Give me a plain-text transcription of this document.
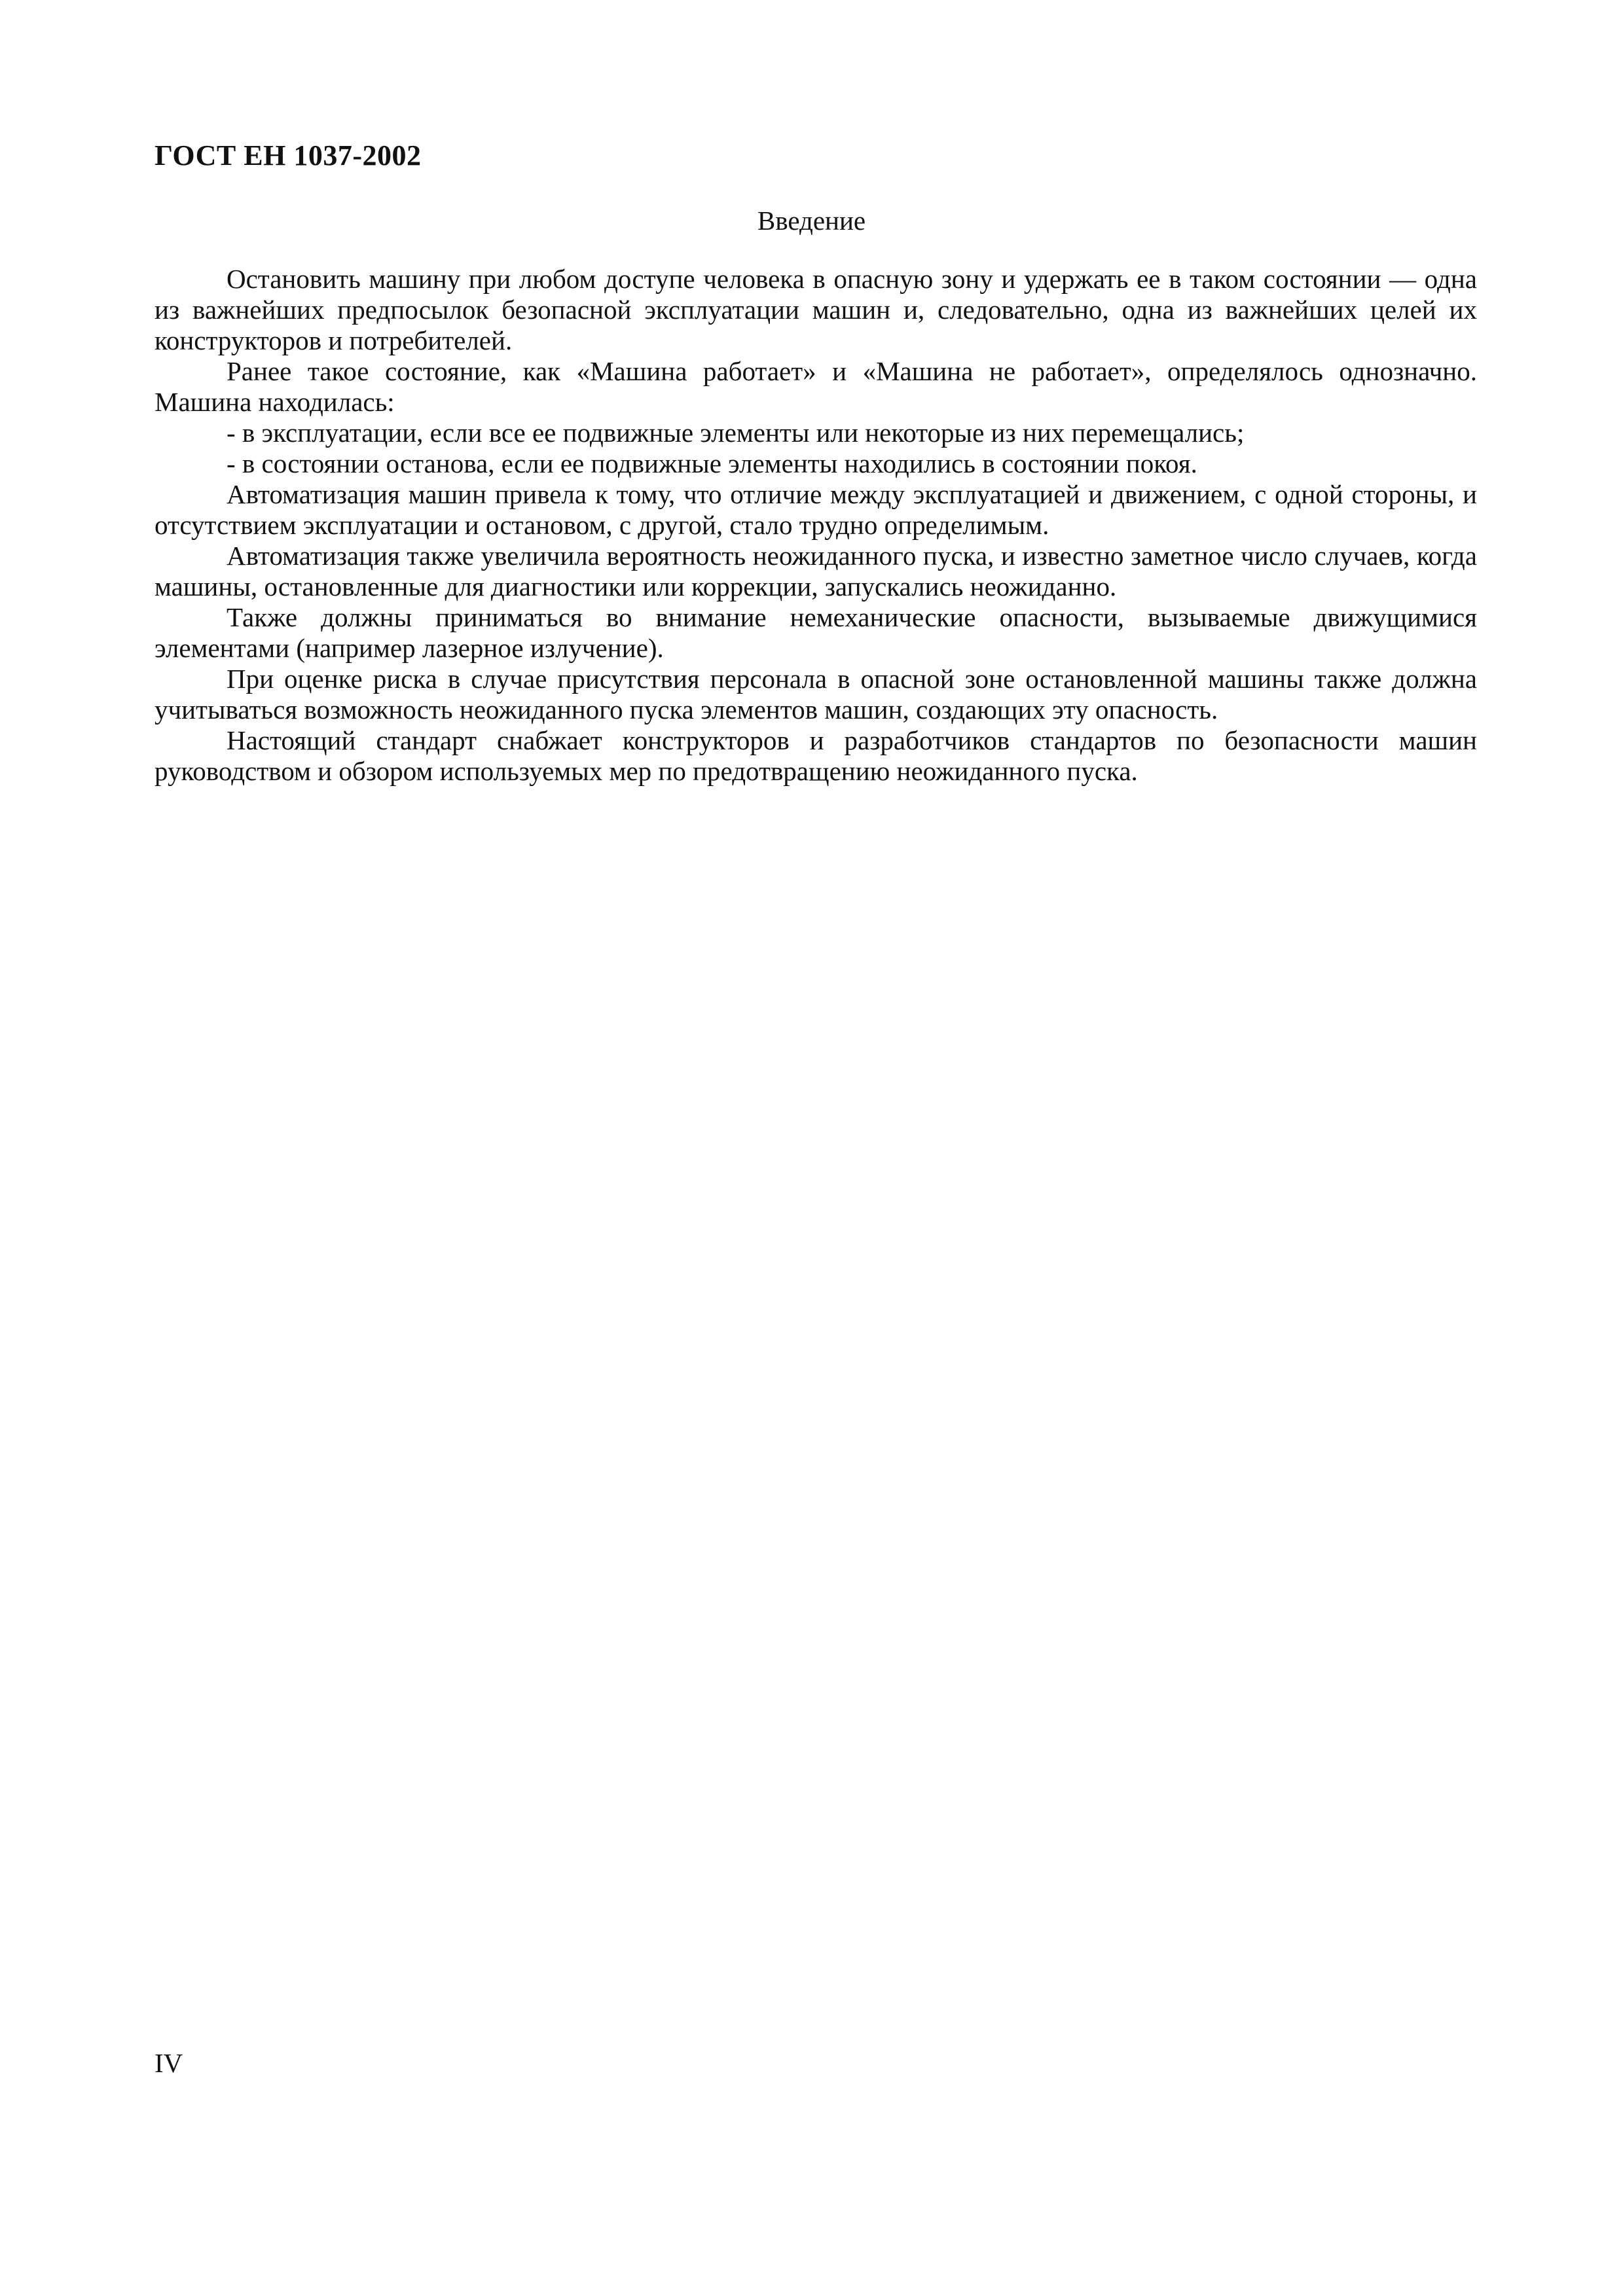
ГОСТ ЕН 1037-2002
Введение

Остановить машину при любом доступе человека в опасную зону и удержать ее в таком состоянии — одна из важнейших предпосылок безопасной эксплуатации машин и, следовательно, одна из важнейших целей их конструкторов и потребителей.

Ранее такое состояние, как «Машина работает» и «Машина не работает», определялось однозначно. Машина находилась:

- в эксплуатации, если все ее подвижные элементы или некоторые из них перемещались;

- в состоянии останова, если ее подвижные элементы находились в состоянии покоя.

Автоматизация машин привела к тому, что отличие между эксплуатацией и движением, с одной стороны, и отсутствием эксплуатации и остановом, с другой, стало трудно определимым.

Автоматизация также увеличила вероятность неожиданного пуска, и известно заметное число случаев, когда машины, остановленные для диагностики или коррекции, запускались неожиданно.

Также должны приниматься во внимание немеханические опасности, вызываемые движущимися элементами (например лазерное излучение).

При оценке риска в случае присутствия персонала в опасной зоне остановленной машины также должна учитываться возможность неожиданного пуска элементов машин, создающих эту опасность.

Настоящий стандарт снабжает конструкторов и разработчиков стандартов по безопасности машин руководством и обзором используемых мер по предотвращению неожиданного пуска.

IV
